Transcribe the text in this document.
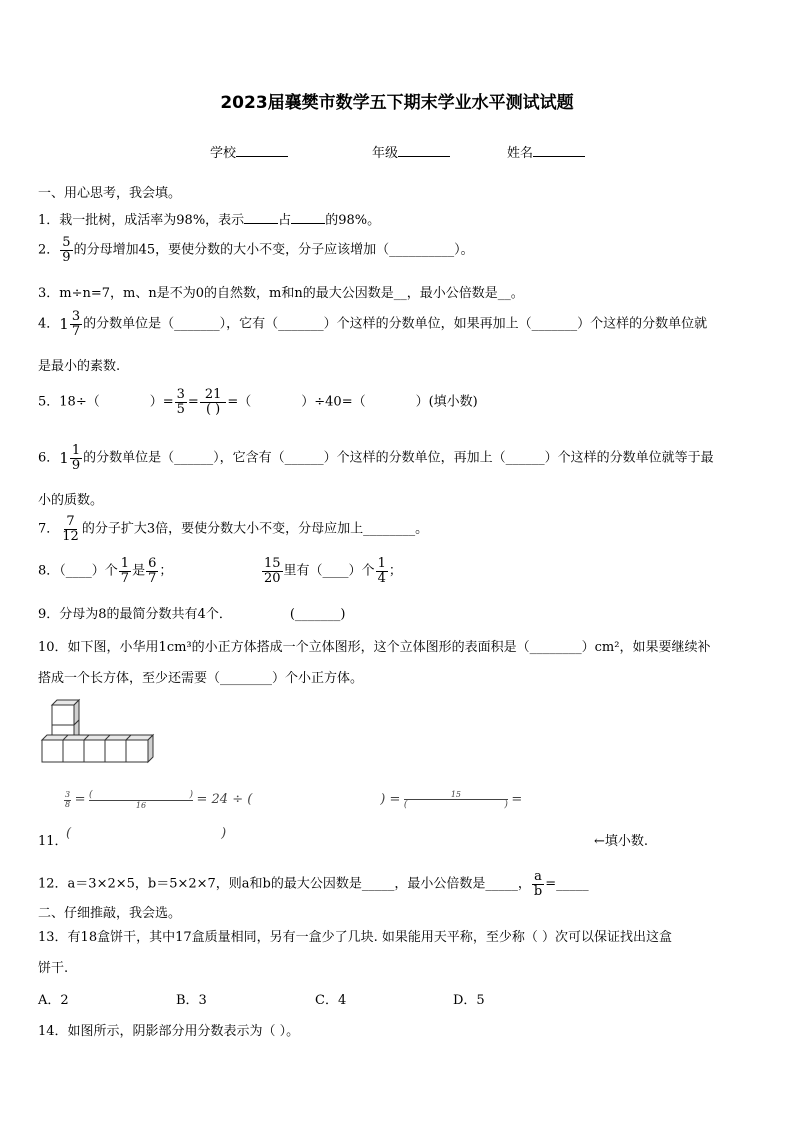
2023届襄樊市数学五下期末学业水平测试试题
学校	年级	姓名
一、用心思考，我会填。
1．栽一批树，成活率为98%，表示	占	的98%。
2． $\frac{5}{9}$ 的分母增加45，要使分数的大小不变，分子应该增加（__________）。
3．m÷n=7，m、n是不为0的自然数，m和n的最大公因数是__，最小公倍数是__。
4． $1 \frac{3}{7}$ 的分数单位是（_______），它有（_______）个这样的分数单位，如果再加上（_______）个这样的分数单位就
是最小的素数.
5．18÷（	）= $\frac{3}{5} = \frac{21}{( )}$ =（	）÷40=（	）(填小数)
6． $1 \frac{1}{9}$ 的分数单位是（______），它含有（______）个这样的分数单位，再加上（______）个这样的分数单位就等于最
小的质数。
7． $\frac{7}{12}$ 的分子扩大3倍，要使分数大小不变，分母应加上________。
8．（____）个 $\frac{1}{7}$ 是 $\frac{6}{7}$ ；	$\frac{15}{20}$ 里有（____）个 $\frac{1}{4}$ ；
9．分母为8的最简分数共有4个．	(_______)
10．如下图，小华用1cm³的小正方体搭成一个立体图形，这个立体图形的表面积是（________）cm²，如果要继续补
搭成一个长方体，至少还需要（________）个小正方体。
$\frac{3}{8}$ = (	)
16	= 24 ÷ (	) =	15
(	) =
11．
(	)
←填小数.
12．a＝3×2×5，b＝5×2×7，则a和b的最大公因数是_____，最小公倍数是_____， $\frac{a}{b}$ =_____
二、仔细推敲，我会选。
13．有18盒饼干，其中17盒质量相同，另有一盒少了几块. 如果能用天平称，至少称（ ）次可以保证找出这盒
饼干.
A．2	B．3	C．4	D．5
14．如图所示，阴影部分用分数表示为（ ）。
